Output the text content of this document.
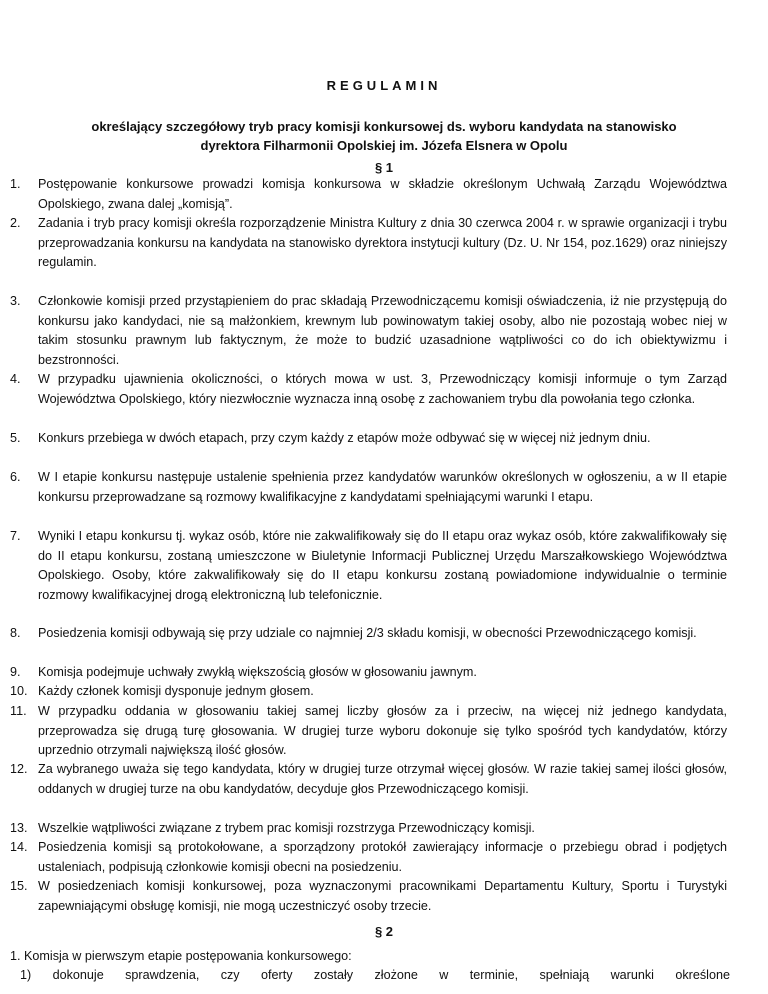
REGULAMIN
określający szczegółowy tryb pracy komisji konkursowej ds. wyboru kandydata na stanowisko
dyrektora Filharmonii Opolskiej im. Józefa Elsnera w Opolu
§ 1
1. Postępowanie konkursowe prowadzi komisja konkursowa w składzie określonym Uchwałą Zarządu Województwa Opolskiego, zwana dalej „komisją”.
2. Zadania i tryb pracy komisji określa rozporządzenie Ministra Kultury z dnia 30 czerwca 2004 r. w sprawie organizacji i trybu przeprowadzania konkursu na kandydata na stanowisko dyrektora instytucji kultury (Dz. U. Nr 154, poz.1629) oraz niniejszy regulamin.
3. Członkowie komisji przed przystąpieniem do prac składają Przewodniczącemu komisji oświadczenia, iż nie przystępują do konkursu jako kandydaci, nie są małżonkiem, krewnym lub powinowatym takiej osoby, albo nie pozostają wobec niej w takim stosunku prawnym lub faktycznym, że może to budzić uzasadnione wątpliwości co do ich obiektywizmu i bezstronności.
4. W przypadku ujawnienia okoliczności, o których mowa w ust. 3, Przewodniczący komisji informuje o tym Zarząd Województwa Opolskiego, który niezwłocznie wyznacza inną osobę z zachowaniem trybu dla powołania tego członka.
5. Konkurs przebiega w dwóch etapach, przy czym każdy z etapów może odbywać się w więcej niż jednym dniu.
6. W I etapie konkursu następuje ustalenie spełnienia przez kandydatów warunków określonych w ogłoszeniu, a w II etapie konkursu przeprowadzane są rozmowy kwalifikacyjne z kandydatami spełniającymi warunki I etapu.
7. Wyniki I etapu konkursu tj. wykaz osób, które nie zakwalifikowały się do II etapu oraz wykaz osób, które zakwalifikowały się do II etapu konkursu, zostaną umieszczone w Biuletynie Informacji Publicznej Urzędu Marszałkowskiego Województwa Opolskiego. Osoby, które zakwalifikowały się do II etapu konkursu zostaną powiadomione indywidualnie o terminie rozmowy kwalifikacyjnej drogą elektroniczną lub telefonicznie.
8. Posiedzenia komisji odbywają się przy udziale co najmniej 2/3 składu komisji, w obecności Przewodniczącego komisji.
9. Komisja podejmuje uchwały zwykłą większością głosów w głosowaniu jawnym.
10. Każdy członek komisji dysponuje jednym głosem.
11. W przypadku oddania w głosowaniu takiej samej liczby głosów za i przeciw, na więcej niż jednego kandydata, przeprowadza się drugą turę głosowania. W drugiej turze wyboru dokonuje się tylko spośród tych kandydatów, którzy uprzednio otrzymali największą ilość głosów.
12. Za wybranego uważa się tego kandydata, który w drugiej turze otrzymał więcej głosów. W razie takiej samej ilości głosów, oddanych w drugiej turze na obu kandydatów, decyduje głos Przewodniczącego komisji.
13. Wszelkie wątpliwości związane z trybem prac komisji rozstrzyga Przewodniczący komisji.
14. Posiedzenia komisji są protokołowane, a sporządzony protokół zawierający informacje o przebiegu obrad i podjętych ustaleniach, podpisują członkowie komisji obecni na posiedzeniu.
15. W posiedzeniach komisji konkursowej, poza wyznaczonymi pracownikami Departamentu Kultury, Sportu i Turystyki zapewniającymi obsługę komisji, nie mogą uczestniczyć osoby trzecie.
§ 2
1. Komisja w pierwszym etapie postępowania konkursowego:
1) dokonuje sprawdzenia, czy oferty zostały złożone w terminie, spełniają warunki określone
